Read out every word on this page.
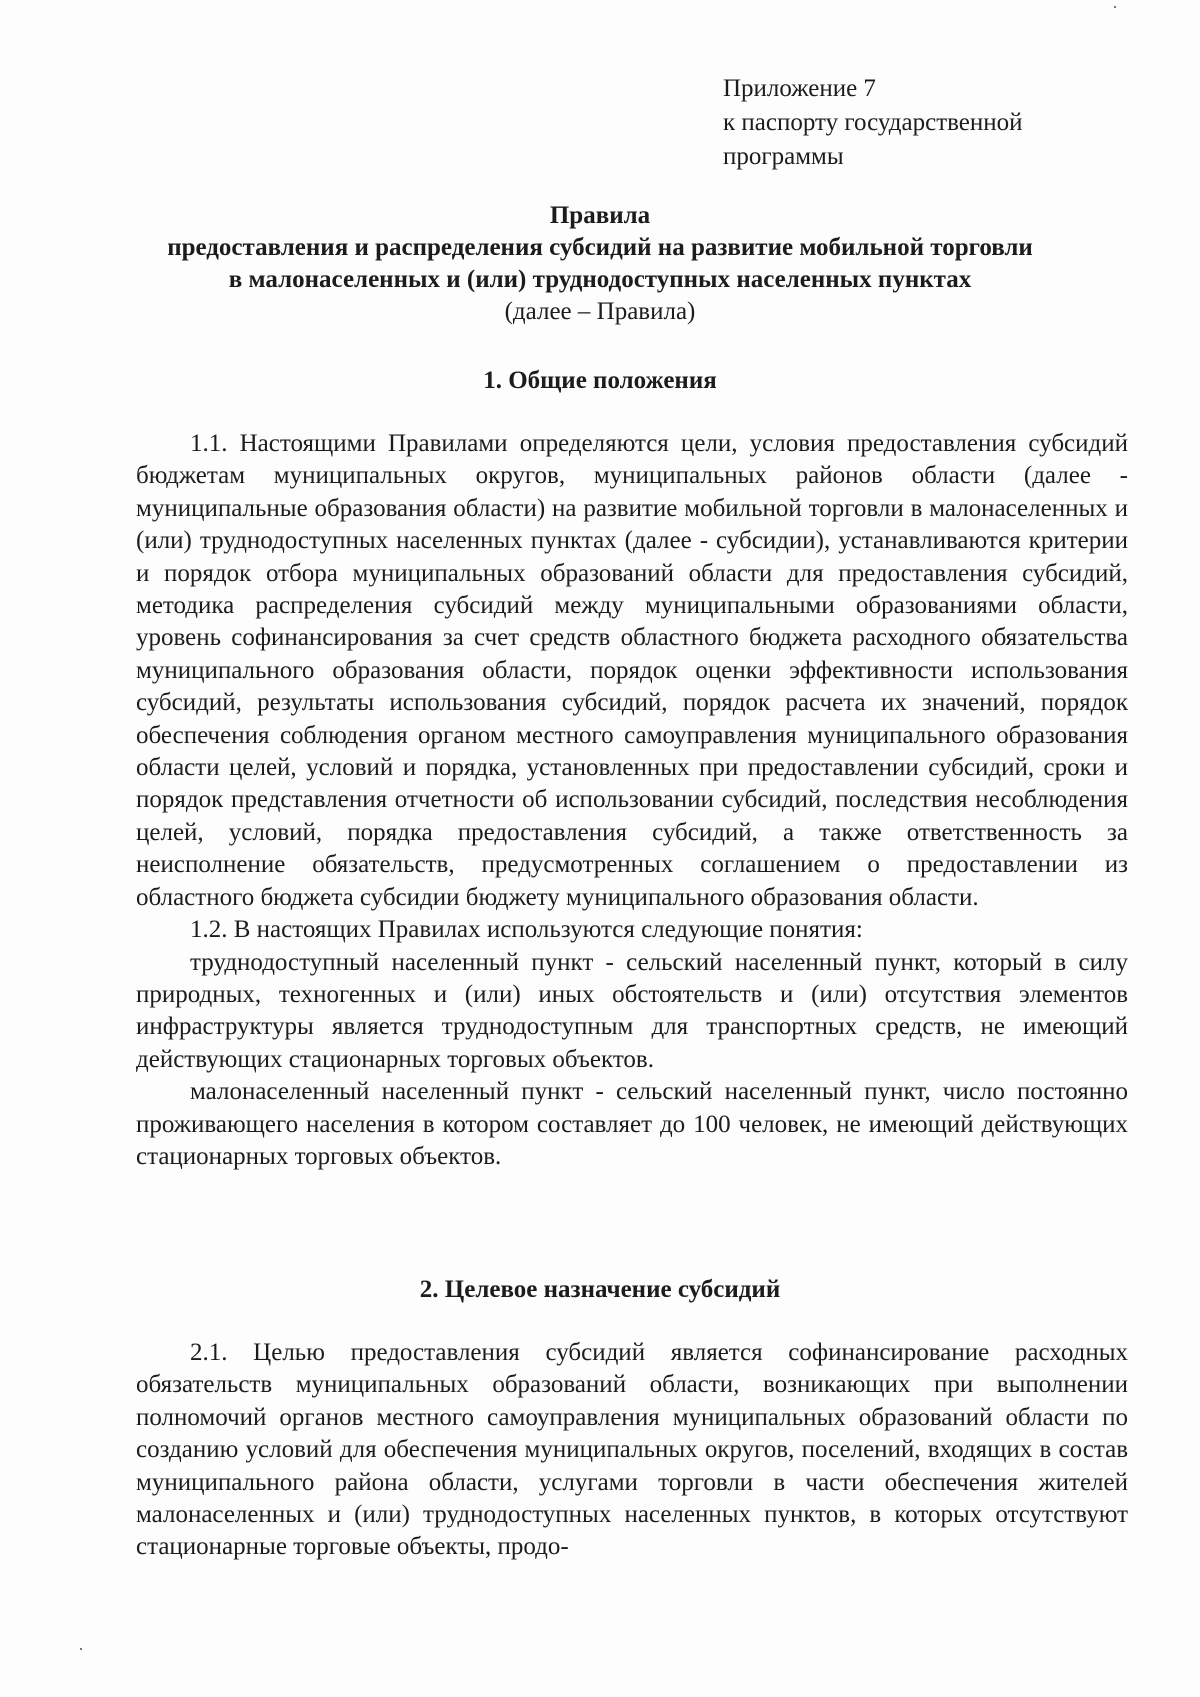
Приложение 7
к паспорту государственной
программы
Правила
предоставления и распределения субсидий на развитие мобильной торговли
в малонаселенных и (или) труднодоступных населенных пунктах
(далее – Правила)
1. Общие положения

1.1. Настоящими Правилами определяются цели, условия предоставления субсидий бюджетам муниципальных округов, муниципальных районов области (далее - муниципальные образования области) на развитие мобильной торговли в малонаселенных и (или) труднодоступных населенных пунктах (далее - субсидии), устанавливаются критерии и порядок отбора муниципальных образований области для предоставления субсидий, методика распределения субсидий между муниципальными образованиями области, уровень софинансирования за счет средств областного бюджета расходного обязательства муниципального образования области, порядок оценки эффективности использования субсидий, результаты использования субсидий, порядок расчета их значений, порядок обеспечения соблюдения органом местного самоуправления муниципального образования области целей, условий и порядка, установленных при предоставлении субсидий, сроки и порядок представления отчетности об использовании субсидий, последствия несоблюдения целей, условий, порядка предоставления субсидий, а также ответственность за неисполнение обязательств, предусмотренных соглашением о предоставлении из областного бюджета субсидии бюджету муниципального образования области.

1.2. В настоящих Правилах используются следующие понятия:

труднодоступный населенный пункт - сельский населенный пункт, который в силу природных, техногенных и (или) иных обстоятельств и (или) отсутствия элементов инфраструктуры является труднодоступным для транспортных средств, не имеющий действующих стационарных торговых объектов.

малонаселенный населенный пункт - сельский населенный пункт, число постоянно проживающего населения в котором составляет до 100 человек, не имеющий действующих стационарных торговых объектов.

2. Целевое назначение субсидий

2.1. Целью предоставления субсидий является софинансирование расходных обязательств муниципальных образований области, возникающих при выполнении полномочий органов местного самоуправления муниципальных образований области по созданию условий для обеспечения муниципальных округов, поселений, входящих в состав муниципального района области, услугами торговли в части обеспечения жителей малонаселенных и (или) труднодоступных населенных пунктов, в которых отсутствуют стационарные торговые объекты, продо-
